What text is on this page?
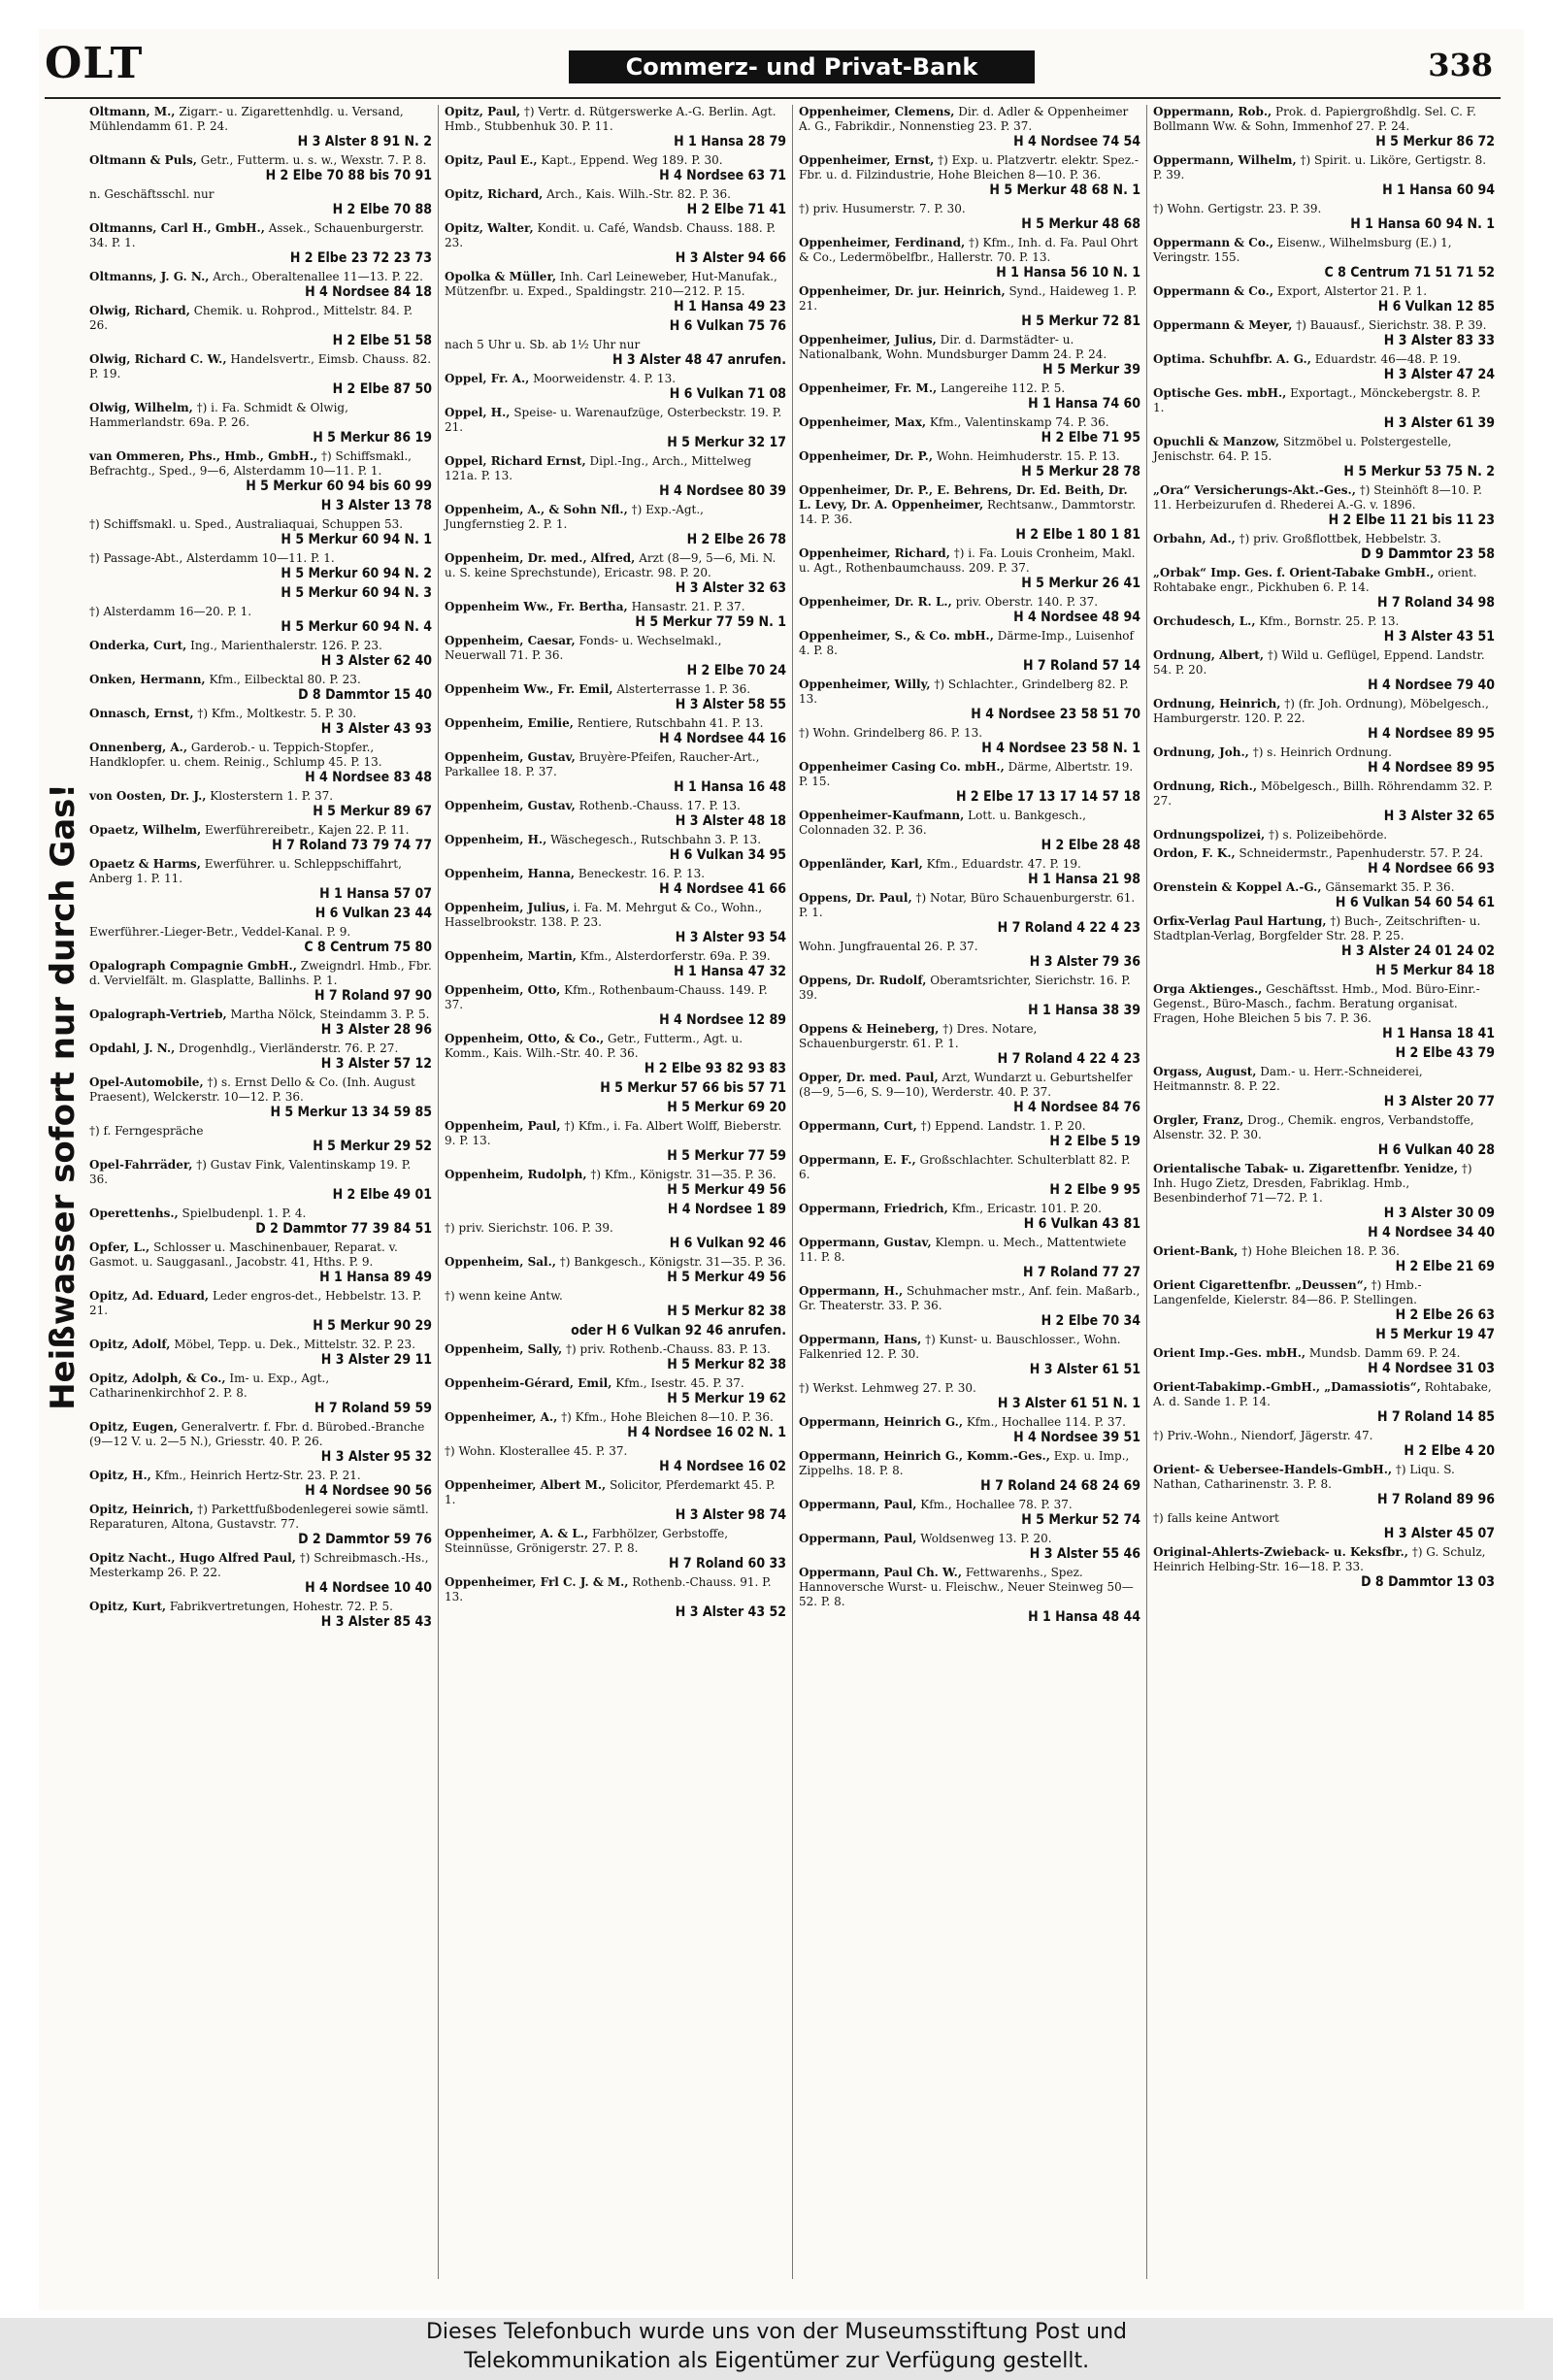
OLT	Commerz- und Privat-Bank	338
Heißwasser sofort nur durch Gas!
Oltmann, M., Zigarr.- u. Zigarettenhdlg. u. Versand, Mühlendamm 61. P. 24.
H 3 Alster 8 91 N. 2
Oltmann & Puls, Getr., Futterm. u. s. w., Wexstr. 7. P. 8.
H 2 Elbe 70 88 bis 70 91
n. Geschäftsschl. nur
H 2 Elbe 70 88
Oltmanns, Carl H., GmbH., Assek., Schauenburgerstr. 34. P. 1.
H 2 Elbe 23 72 23 73
Oltmanns, J. G. N., Arch., Oberaltenallee 11—13. P. 22.
H 4 Nordsee 84 18
Olwig, Richard, Chemik. u. Rohprod., Mittelstr. 84. P. 26.
H 2 Elbe 51 58
Olwig, Richard C. W., Handelsvertr., Eimsb. Chauss. 82. P. 19.
H 2 Elbe 87 50
Olwig, Wilhelm, †) i. Fa. Schmidt & Olwig, Hammerlandstr. 69a. P. 26.
H 5 Merkur 86 19
van Ommeren, Phs., Hmb., GmbH., †) Schiffsmakl., Befrachtg., Sped., 9—6, Alsterdamm 10—11. P. 1.
H 5 Merkur 60 94 bis 60 99
H 3 Alster 13 78
†) Schiffsmakl. u. Sped., Australiaquai, Schuppen 53.
H 5 Merkur 60 94 N. 1
†) Passage-Abt., Alsterdamm 10—11. P. 1.
H 5 Merkur 60 94 N. 2
H 5 Merkur 60 94 N. 3
†) Alsterdamm 16—20. P. 1.
H 5 Merkur 60 94 N. 4
Onderka, Curt, Ing., Marienthalerstr. 126. P. 23.
H 3 Alster 62 40
Onken, Hermann, Kfm., Eilbecktal 80. P. 23.
D 8 Dammtor 15 40
Onnasch, Ernst, †) Kfm., Moltkestr. 5. P. 30.
H 3 Alster 43 93
Onnenberg, A., Garderob.- u. Teppich-Stopfer., Handklopfer. u. chem. Reinig., Schlump 45. P. 13.
H 4 Nordsee 83 48
von Oosten, Dr. J., Klosterstern 1. P. 37.
H 5 Merkur 89 67
Opaetz, Wilhelm, Ewerführereibetr., Kajen 22. P. 11.
H 7 Roland 73 79 74 77
Opaetz & Harms, Ewerführer. u. Schleppschiffahrt, Anberg 1. P. 11.
H 1 Hansa 57 07
H 6 Vulkan 23 44
Ewerführer.-Lieger-Betr., Veddel-Kanal. P. 9.
C 8 Centrum 75 80
Opalograph Compagnie GmbH., Zweigndrl. Hmb., Fbr. d. Vervielfält. m. Glasplatte, Ballinhs. P. 1.
H 7 Roland 97 90
Opalograph-Vertrieb, Martha Nölck, Steindamm 3. P. 5.
H 3 Alster 28 96
Opdahl, J. N., Drogenhdlg., Vierländerstr. 76. P. 27.
H 3 Alster 57 12
Opel-Automobile, †) s. Ernst Dello & Co. (Inh. August Praesent), Welckerstr. 10—12. P. 36.
H 5 Merkur 13 34 59 85
†) f. Ferngespräche
H 5 Merkur 29 52
Opel-Fahrräder, †) Gustav Fink, Valentinskamp 19. P. 36.
H 2 Elbe 49 01
Operettenhs., Spielbudenpl. 1. P. 4.
D 2 Dammtor 77 39 84 51
Opfer, L., Schlosser u. Maschinenbauer, Reparat. v. Gasmot. u. Sauggasanl., Jacobstr. 41, Hths. P. 9.
H 1 Hansa 89 49
Opitz, Ad. Eduard, Leder engros-det., Hebbelstr. 13. P. 21.
H 5 Merkur 90 29
Opitz, Adolf, Möbel, Tepp. u. Dek., Mittelstr. 32. P. 23.
H 3 Alster 29 11
Opitz, Adolph, & Co., Im- u. Exp., Agt., Catharinenkirchhof 2. P. 8.
H 7 Roland 59 59
Opitz, Eugen, Generalvertr. f. Fbr. d. Bürobed.-Branche (9—12 V. u. 2—5 N.), Griesstr. 40. P. 26.
H 3 Alster 95 32
Opitz, H., Kfm., Heinrich Hertz-Str. 23. P. 21.
H 4 Nordsee 90 56
Opitz, Heinrich, †) Parkettfußbodenlegerei sowie sämtl. Reparaturen, Altona, Gustavstr. 77.
D 2 Dammtor 59 76
Opitz Nacht., Hugo Alfred Paul, †) Schreibmasch.-Hs., Mesterkamp 26. P. 22.
H 4 Nordsee 10 40
Opitz, Kurt, Fabrikvertretungen, Hohestr. 72. P. 5.
H 3 Alster 85 43
Opitz, Paul, †) Vertr. d. Rütgerswerke A.-G. Berlin. Agt. Hmb., Stubbenhuk 30. P. 11.
H 1 Hansa 28 79
Opitz, Paul E., Kapt., Eppend. Weg 189. P. 30.
H 4 Nordsee 63 71
Opitz, Richard, Arch., Kais. Wilh.-Str. 82. P. 36.
H 2 Elbe 71 41
Opitz, Walter, Kondit. u. Café, Wandsb. Chauss. 188. P. 23.
H 3 Alster 94 66
Opolka & Müller, Inh. Carl Leineweber, Hut-Manufak., Mützenfbr. u. Exped., Spaldingstr. 210—212. P. 15.
H 1 Hansa 49 23
H 6 Vulkan 75 76
nach 5 Uhr u. Sb. ab 1½ Uhr nur
H 3 Alster 48 47 anrufen.
Oppel, Fr. A., Moorweidenstr. 4. P. 13.
H 6 Vulkan 71 08
Oppel, H., Speise- u. Warenaufzüge, Osterbeckstr. 19. P. 21.
H 5 Merkur 32 17
Oppel, Richard Ernst, Dipl.-Ing., Arch., Mittelweg 121a. P. 13.
H 4 Nordsee 80 39
Oppenheim, A., & Sohn Nfl., †) Exp.-Agt., Jungfernstieg 2. P. 1.
H 2 Elbe 26 78
Oppenheim, Dr. med., Alfred, Arzt (8—9, 5—6, Mi. N. u. S. keine Sprechstunde), Ericastr. 98. P. 20.
H 3 Alster 32 63
Oppenheim Ww., Fr. Bertha, Hansastr. 21. P. 37.
H 5 Merkur 77 59 N. 1
Oppenheim, Caesar, Fonds- u. Wechselmakl., Neuerwall 71. P. 36.
H 2 Elbe 70 24
Oppenheim Ww., Fr. Emil, Alsterterrasse 1. P. 36.
H 3 Alster 58 55
Oppenheim, Emilie, Rentiere, Rutschbahn 41. P. 13.
H 4 Nordsee 44 16
Oppenheim, Gustav, Bruyère-Pfeifen, Raucher-Art., Parkallee 18. P. 37.
H 1 Hansa 16 48
Oppenheim, Gustav, Rothenb.-Chauss. 17. P. 13.
H 3 Alster 48 18
Oppenheim, H., Wäschegesch., Rutschbahn 3. P. 13.
H 6 Vulkan 34 95
Oppenheim, Hanna, Beneckestr. 16. P. 13.
H 4 Nordsee 41 66
Oppenheim, Julius, i. Fa. M. Mehrgut & Co., Wohn., Hasselbrookstr. 138. P. 23.
H 3 Alster 93 54
Oppenheim, Martin, Kfm., Alsterdorferstr. 69a. P. 39.
H 1 Hansa 47 32
Oppenheim, Otto, Kfm., Rothenbaum-Chauss. 149. P. 37.
H 4 Nordsee 12 89
Oppenheim, Otto, & Co., Getr., Futterm., Agt. u. Komm., Kais. Wilh.-Str. 40. P. 36.
H 2 Elbe 93 82 93 83
H 5 Merkur 57 66 bis 57 71
H 5 Merkur 69 20
Oppenheim, Paul, †) Kfm., i. Fa. Albert Wolff, Bieberstr. 9. P. 13.
H 5 Merkur 77 59
Oppenheim, Rudolph, †) Kfm., Königstr. 31—35. P. 36.
H 5 Merkur 49 56
H 4 Nordsee 1 89
†) priv. Sierichstr. 106. P. 39.
H 6 Vulkan 92 46
Oppenheim, Sal., †) Bankgesch., Königstr. 31—35. P. 36.
H 5 Merkur 49 56
†) wenn keine Antw.
H 5 Merkur 82 38
oder H 6 Vulkan 92 46 anrufen.
Oppenheim, Sally, †) priv. Rothenb.-Chauss. 83. P. 13.
H 5 Merkur 82 38
Oppenheim-Gérard, Emil, Kfm., Isestr. 45. P. 37.
H 5 Merkur 19 62
Oppenheimer, A., †) Kfm., Hohe Bleichen 8—10. P. 36.
H 4 Nordsee 16 02 N. 1
†) Wohn. Klosterallee 45. P. 37.
H 4 Nordsee 16 02
Oppenheimer, Albert M., Solicitor, Pferdemarkt 45. P. 1.
H 3 Alster 98 74
Oppenheimer, A. & L., Farbhölzer, Gerbstoffe, Steinnüsse, Grönigerstr. 27. P. 8.
H 7 Roland 60 33
Oppenheimer, Frl C. J. & M., Rothenb.-Chauss. 91. P. 13.
H 3 Alster 43 52
Oppenheimer, Clemens, Dir. d. Adler & Oppenheimer A. G., Fabrikdir., Nonnenstieg 23. P. 37.
H 4 Nordsee 74 54
Oppenheimer, Ernst, †) Exp. u. Platzvertr. elektr. Spez.-Fbr. u. d. Filzindustrie, Hohe Bleichen 8—10. P. 36.
H 5 Merkur 48 68 N. 1
†) priv. Husumerstr. 7. P. 30.
H 5 Merkur 48 68
Oppenheimer, Ferdinand, †) Kfm., Inh. d. Fa. Paul Ohrt & Co., Ledermöbelfbr., Hallerstr. 70. P. 13.
H 1 Hansa 56 10 N. 1
Oppenheimer, Dr. jur. Heinrich, Synd., Haideweg 1. P. 21.
H 5 Merkur 72 81
Oppenheimer, Julius, Dir. d. Darmstädter- u. Nationalbank, Wohn. Mundsburger Damm 24. P. 24.
H 5 Merkur 39
Oppenheimer, Fr. M., Langereihe 112. P. 5.
H 1 Hansa 74 60
Oppenheimer, Max, Kfm., Valentinskamp 74. P. 36.
H 2 Elbe 71 95
Oppenheimer, Dr. P., Wohn. Heimhuderstr. 15. P. 13.
H 5 Merkur 28 78
Oppenheimer, Dr. P., E. Behrens, Dr. Ed. Beith, Dr. L. Levy, Dr. A. Oppenheimer, Rechtsanw., Dammtorstr. 14. P. 36.
H 2 Elbe 1 80 1 81
Oppenheimer, Richard, †) i. Fa. Louis Cronheim, Makl. u. Agt., Rothenbaumchauss. 209. P. 37.
H 5 Merkur 26 41
Oppenheimer, Dr. R. L., priv. Oberstr. 140. P. 37.
H 4 Nordsee 48 94
Oppenheimer, S., & Co. mbH., Därme-Imp., Luisenhof 4. P. 8.
H 7 Roland 57 14
Oppenheimer, Willy, †) Schlachter., Grindelberg 82. P. 13.
H 4 Nordsee 23 58 51 70
†) Wohn. Grindelberg 86. P. 13.
H 4 Nordsee 23 58 N. 1
Oppenheimer Casing Co. mbH., Därme, Albertstr. 19. P. 15.
H 2 Elbe 17 13 17 14 57 18
Oppenheimer-Kaufmann, Lott. u. Bankgesch., Colonnaden 32. P. 36.
H 2 Elbe 28 48
Oppenländer, Karl, Kfm., Eduardstr. 47. P. 19.
H 1 Hansa 21 98
Oppens, Dr. Paul, †) Notar, Büro Schauenburgerstr. 61. P. 1.
H 7 Roland 4 22 4 23
Wohn. Jungfrauental 26. P. 37.
H 3 Alster 79 36
Oppens, Dr. Rudolf, Oberamtsrichter, Sierichstr. 16. P. 39.
H 1 Hansa 38 39
Oppens & Heineberg, †) Dres. Notare, Schauenburgerstr. 61. P. 1.
H 7 Roland 4 22 4 23
Opper, Dr. med. Paul, Arzt, Wundarzt u. Geburtshelfer (8—9, 5—6, S. 9—10), Werderstr. 40. P. 37.
H 4 Nordsee 84 76
Oppermann, Curt, †) Eppend. Landstr. 1. P. 20.
H 2 Elbe 5 19
Oppermann, E. F., Großschlachter. Schulterblatt 82. P. 6.
H 2 Elbe 9 95
Oppermann, Friedrich, Kfm., Ericastr. 101. P. 20.
H 6 Vulkan 43 81
Oppermann, Gustav, Klempn. u. Mech., Mattentwiete 11. P. 8.
H 7 Roland 77 27
Oppermann, H., Schuhmacher mstr., Anf. fein. Maßarb., Gr. Theaterstr. 33. P. 36.
H 2 Elbe 70 34
Oppermann, Hans, †) Kunst- u. Bauschlosser., Wohn. Falkenried 12. P. 30.
H 3 Alster 61 51
†) Werkst. Lehmweg 27. P. 30.
H 3 Alster 61 51 N. 1
Oppermann, Heinrich G., Kfm., Hochallee 114. P. 37.
H 4 Nordsee 39 51
Oppermann, Heinrich G., Komm.-Ges., Exp. u. Imp., Zippelhs. 18. P. 8.
H 7 Roland 24 68 24 69
Oppermann, Paul, Kfm., Hochallee 78. P. 37.
H 5 Merkur 52 74
Oppermann, Paul, Woldsenweg 13. P. 20.
H 3 Alster 55 46
Oppermann, Paul Ch. W., Fettwarenhs., Spez. Hannoversche Wurst- u. Fleischw., Neuer Steinweg 50—52. P. 8.
H 1 Hansa 48 44
Oppermann, Rob., Prok. d. Papiergroßhdlg. Sel. C. F. Bollmann Ww. & Sohn, Immenhof 27. P. 24.
H 5 Merkur 86 72
Oppermann, Wilhelm, †) Spirit. u. Liköre, Gertigstr. 8. P. 39.
H 1 Hansa 60 94
†) Wohn. Gertigstr. 23. P. 39.
H 1 Hansa 60 94 N. 1
Oppermann & Co., Eisenw., Wilhelmsburg (E.) 1, Veringstr. 155.
C 8 Centrum 71 51 71 52
Oppermann & Co., Export, Alstertor 21. P. 1.
H 6 Vulkan 12 85
Oppermann & Meyer, †) Bauausf., Sierichstr. 38. P. 39.
H 3 Alster 83 33
Optima. Schuhfbr. A. G., Eduardstr. 46—48. P. 19.
H 3 Alster 47 24
Optische Ges. mbH., Exportagt., Mönckebergstr. 8. P. 1.
H 3 Alster 61 39
Opuchli & Manzow, Sitzmöbel u. Polstergestelle, Jenischstr. 64. P. 15.
H 5 Merkur 53 75 N. 2
„Ora“ Versicherungs-Akt.-Ges., †) Steinhöft 8—10. P. 11. Herbeizurufen d. Rhederei A.-G. v. 1896.
H 2 Elbe 11 21 bis 11 23
Orbahn, Ad., †) priv. Großflottbek, Hebbelstr. 3.
D 9 Dammtor 23 58
„Orbak“ Imp. Ges. f. Orient-Tabake GmbH., orient. Rohtabake engr., Pickhuben 6. P. 14.
H 7 Roland 34 98
Orchudesch, L., Kfm., Bornstr. 25. P. 13.
H 3 Alster 43 51
Ordnung, Albert, †) Wild u. Geflügel, Eppend. Landstr. 54. P. 20.
H 4 Nordsee 79 40
Ordnung, Heinrich, †) (fr. Joh. Ordnung), Möbelgesch., Hamburgerstr. 120. P. 22.
H 4 Nordsee 89 95
Ordnung, Joh., †) s. Heinrich Ordnung.
H 4 Nordsee 89 95
Ordnung, Rich., Möbelgesch., Billh. Röhrendamm 32. P. 27.
H 3 Alster 32 65
Ordnungspolizei, †) s. Polizeibehörde.
Ordon, F. K., Schneidermstr., Papenhuderstr. 57. P. 24.
H 4 Nordsee 66 93
Orenstein & Koppel A.-G., Gänsemarkt 35. P. 36.
H 6 Vulkan 54 60 54 61
Orfix-Verlag Paul Hartung, †) Buch-, Zeitschriften- u. Stadtplan-Verlag, Borgfelder Str. 28. P. 25.
H 3 Alster 24 01 24 02
H 5 Merkur 84 18
Orga Aktienges., Geschäftsst. Hmb., Mod. Büro-Einr.-Gegenst., Büro-Masch., fachm. Beratung organisat. Fragen, Hohe Bleichen 5 bis 7. P. 36.
H 1 Hansa 18 41
H 2 Elbe 43 79
Orgass, August, Dam.- u. Herr.-Schneiderei, Heitmannstr. 8. P. 22.
H 3 Alster 20 77
Orgler, Franz, Drog., Chemik. engros, Verbandstoffe, Alsenstr. 32. P. 30.
H 6 Vulkan 40 28
Orientalische Tabak- u. Zigarettenfbr. Yenidze, †) Inh. Hugo Zietz, Dresden, Fabriklag. Hmb., Besenbinderhof 71—72. P. 1.
H 3 Alster 30 09
H 4 Nordsee 34 40
Orient-Bank, †) Hohe Bleichen 18. P. 36.
H 2 Elbe 21 69
Orient Cigarettenfbr. „Deussen“, †) Hmb.-Langenfelde, Kielerstr. 84—86. P. Stellingen.
H 2 Elbe 26 63
H 5 Merkur 19 47
Orient Imp.-Ges. mbH., Mundsb. Damm 69. P. 24.
H 4 Nordsee 31 03
Orient-Tabakimp.-GmbH., „Damassiotis“, Rohtabake, A. d. Sande 1. P. 14.
H 7 Roland 14 85
†) Priv.-Wohn., Niendorf, Jägerstr. 47.
H 2 Elbe 4 20
Orient- & Uebersee-Handels-GmbH., †) Liqu. S. Nathan, Catharinenstr. 3. P. 8.
H 7 Roland 89 96
†) falls keine Antwort
H 3 Alster 45 07
Original-Ahlerts-Zwieback- u. Keksfbr., †) G. Schulz, Heinrich Helbing-Str. 16—18. P. 33.
D 8 Dammtor 13 03
Dieses Telefonbuch wurde uns von der Museumsstiftung Post und
Telekommunikation als Eigentümer zur Verfügung gestellt.
